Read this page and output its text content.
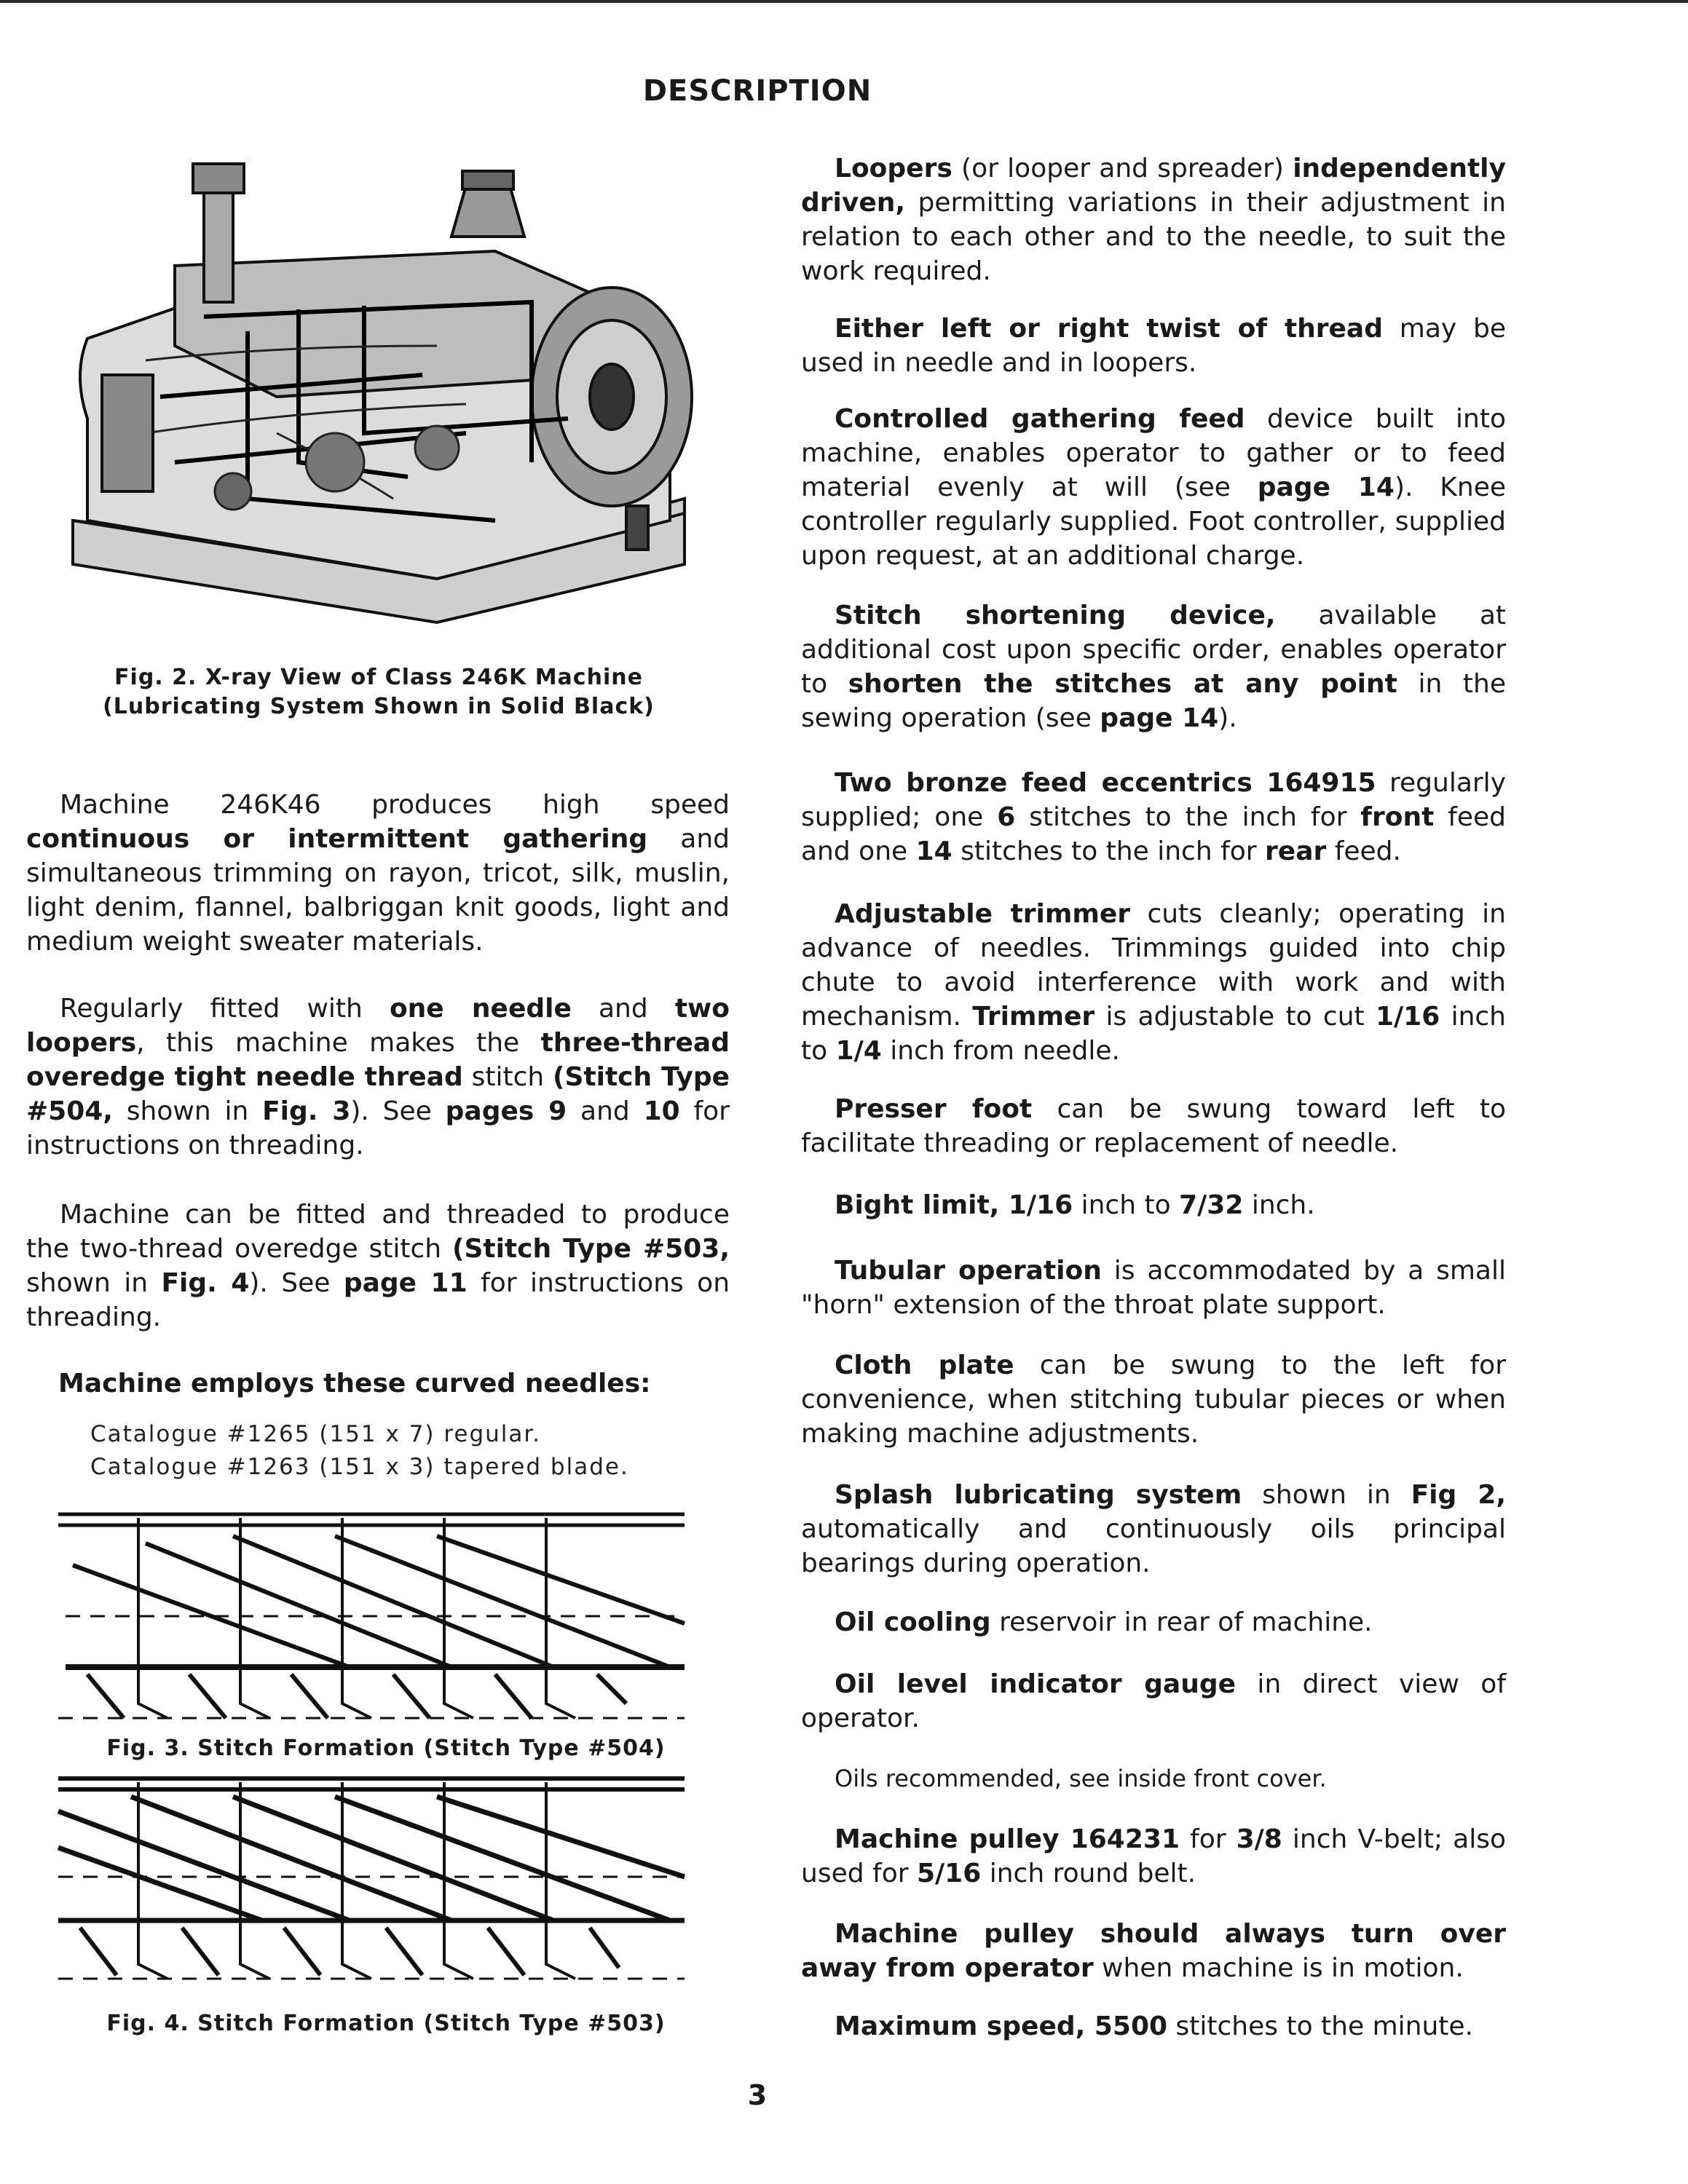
DESCRIPTION
Fig. 2. X-ray View of Class 246K Machine
(Lubricating System Shown in Solid Black)

Machine 246K46 produces high speed continuous or intermittent gathering and simultaneous trimming on rayon, tricot, silk, muslin, light denim, flannel, balbriggan knit goods, light and medium weight sweater materials.

Regularly fitted with one needle and two loopers, this machine makes the three-thread overedge tight needle thread stitch (Stitch Type #504, shown in Fig. 3). See pages 9 and 10 for instructions on threading.

Machine can be fitted and threaded to produce the two-thread overedge stitch (Stitch Type #503, shown in Fig. 4). See page 11 for instructions on threading.

Machine employs these curved needles:

Catalogue #1265 (151 x 7) regular.
Catalogue #1263 (151 x 3) tapered blade.
Fig. 3. Stitch Formation (Stitch Type #504)
Fig. 4. Stitch Formation (Stitch Type #503)

Loopers (or looper and spreader) independently driven, permitting variations in their adjustment in relation to each other and to the needle, to suit the work required.

Either left or right twist of thread may be used in needle and in loopers.

Controlled gathering feed device built into machine, enables operator to gather or to feed material evenly at will (see page 14). Knee controller regularly supplied. Foot controller, supplied upon request, at an additional charge.

Stitch shortening device, available at additional cost upon specific order, enables operator to shorten the stitches at any point in the sewing operation (see page 14).

Two bronze feed eccentrics 164915 regularly supplied; one 6 stitches to the inch for front feed and one 14 stitches to the inch for rear feed.

Adjustable trimmer cuts cleanly; operating in advance of needles. Trimmings guided into chip chute to avoid interference with work and with mechanism. Trimmer is adjustable to cut 1/16 inch to 1/4 inch from needle.

Presser foot can be swung toward left to facilitate threading or replacement of needle.

Bight limit, 1/16 inch to 7/32 inch.

Tubular operation is accommodated by a small "horn" extension of the throat plate support.

Cloth plate can be swung to the left for convenience, when stitching tubular pieces or when making machine adjustments.

Splash lubricating system shown in Fig 2, automatically and continuously oils principal bearings during operation.

Oil cooling reservoir in rear of machine.

Oil level indicator gauge in direct view of operator.

Oils recommended, see inside front cover.

Machine pulley 164231 for 3/8 inch V-belt; also used for 5/16 inch round belt.

Machine pulley should always turn over away from operator when machine is in motion.

Maximum speed, 5500 stitches to the minute.

3
